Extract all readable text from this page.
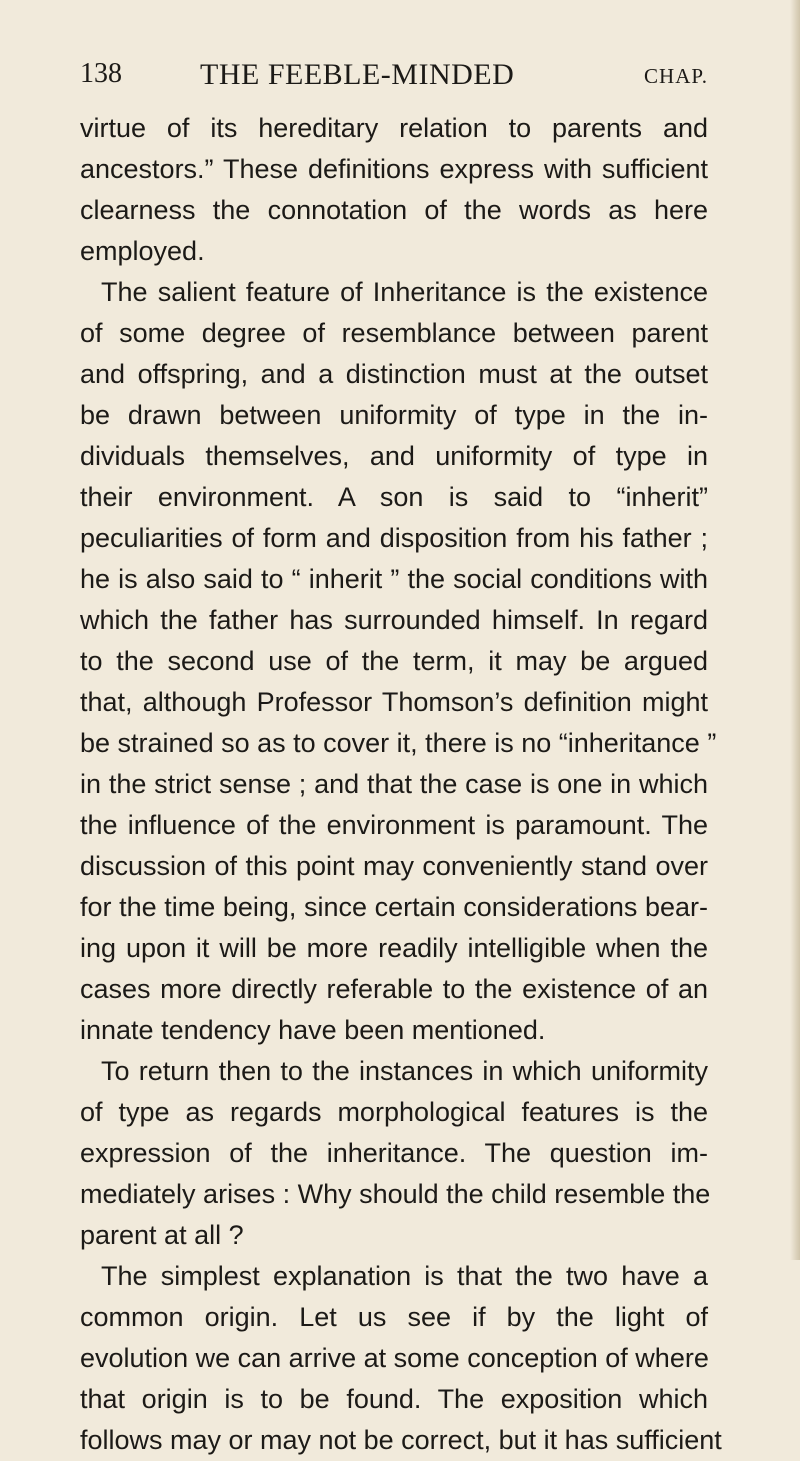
138	THE FEEBLE-MINDED	CHAP.
virtue of its hereditary relation to parents and
ancestors.” These definitions express with sufficient
clearness the connotation of the words as here
employed.
The salient feature of Inheritance is the existence
of some degree of resemblance between parent
and offspring, and a distinction must at the outset
be drawn between uniformity of type in the in-
dividuals themselves, and uniformity of type in
their environment. A son is said to “inherit”
peculiarities of form and disposition from his father ;
he is also said to “ inherit ” the social conditions with
which the father has surrounded himself. In regard
to the second use of the term, it may be argued
that, although Professor Thomson’s definition might
be strained so as to cover it, there is no “inheritance ”
in the strict sense ; and that the case is one in which
the influence of the environment is paramount. The
discussion of this point may conveniently stand over
for the time being, since certain considerations bear-
ing upon it will be more readily intelligible when the
cases more directly referable to the existence of an
innate tendency have been mentioned.
To return then to the instances in which uniformity
of type as regards morphological features is the
expression of the inheritance. The question im-
mediately arises : Why should the child resemble the
parent at all ?
The simplest explanation is that the two have a
common origin. Let us see if by the light of
evolution we can arrive at some conception of where
that origin is to be found. The exposition which
follows may or may not be correct, but it has sufficient
